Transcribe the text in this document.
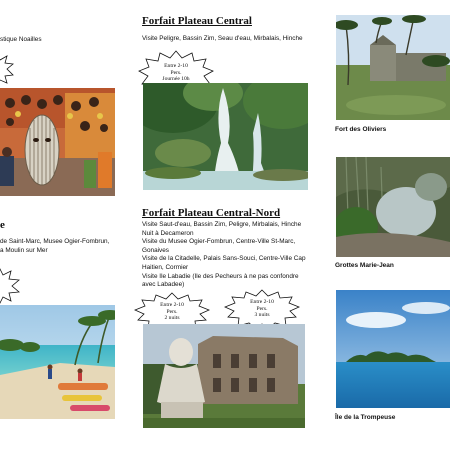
stique Noailles
e
de Saint-Marc, Musee Ogier-Fombrun,
a Moulin sur Mer
Forfait Plateau Central
Visite Peligre, Bassin Zim, Seau d'eau, Mirbalais, Hinche
Entre 2-10
Pers.
Journée 10h
Forfait Plateau Central-Nord
Visite Saut-d'eau, Bassin Zim, Peligre, Mirbalais, Hinche Nuit à Decameron
Visite du Musee Ogier-Fombrun, Centre-Ville St-Marc, Gonaives
Visite de la Citadelle, Palais Sans-Souci, Centre-Ville Cap Haitien, Cormier
Visite Ile Labadie (Ile des Pecheurs à ne pas confondre avec Labadee)
Entre 2-10
Pers.
2 nuits
Entre 2-10
Pers.
3 nuits
Fort des Oliviers
Grottes Marie-Jean
Île de la Trompeuse
